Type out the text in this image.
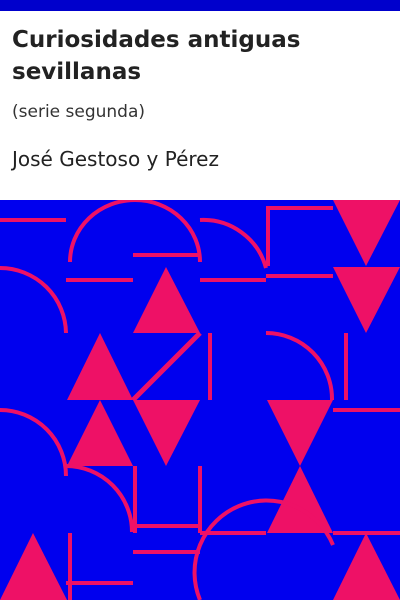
Curiosidades antiguas sevillanas
(serie segunda)
José Gestoso y Pérez
